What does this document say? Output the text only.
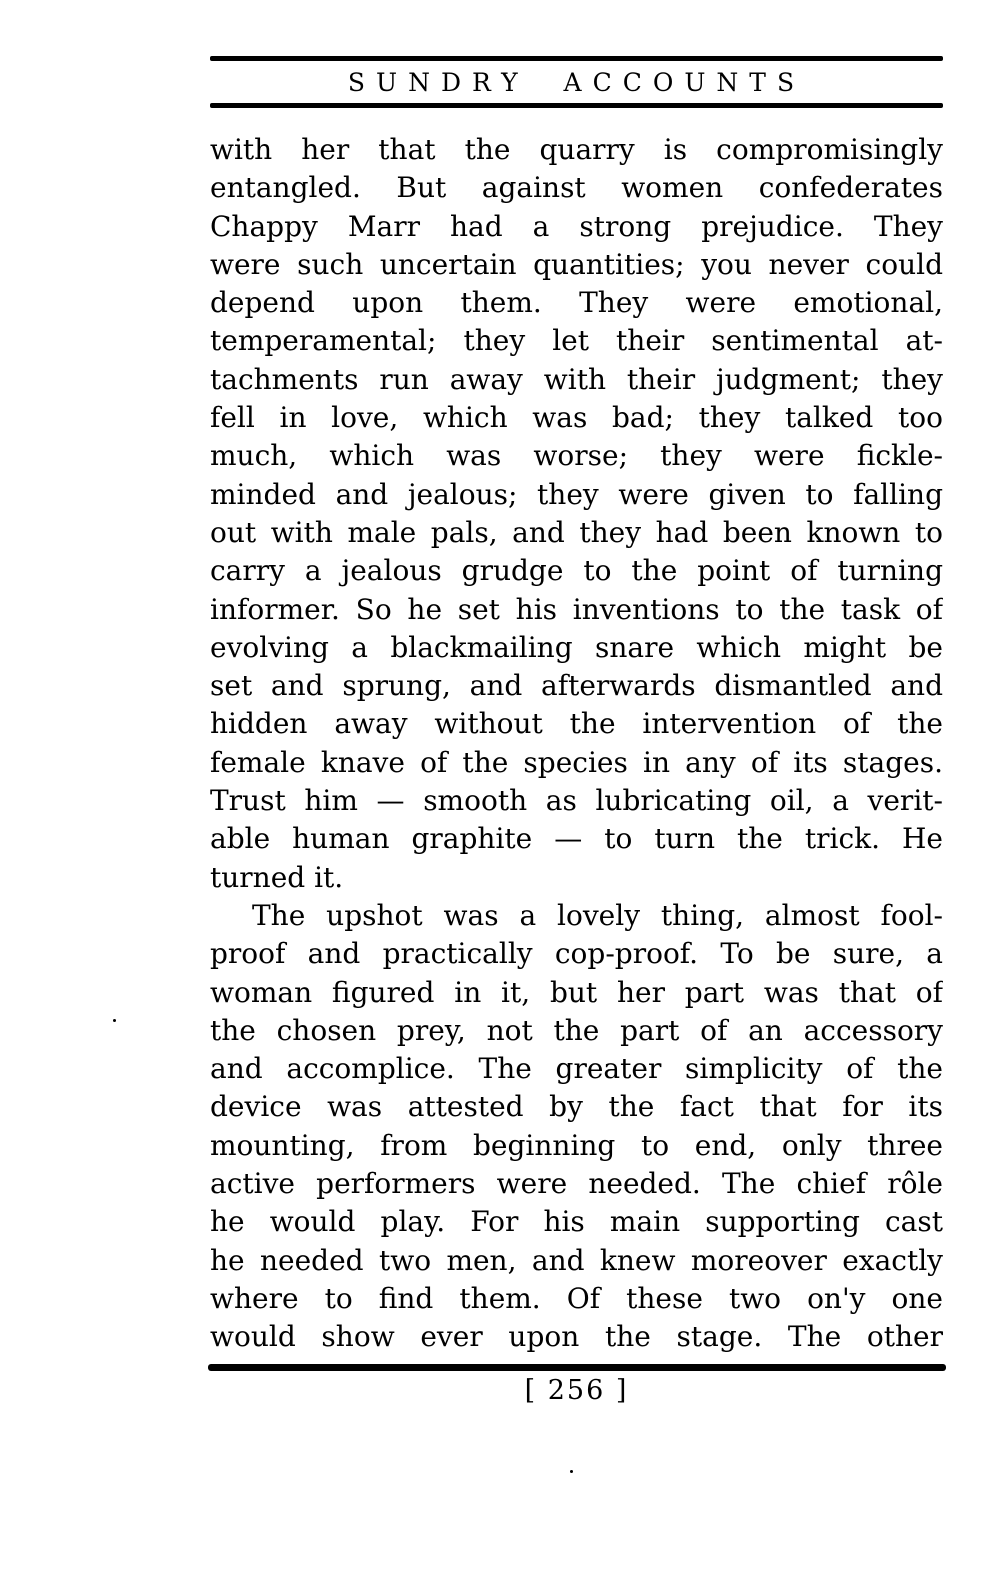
SUNDRY ACCOUNTS
with her that the quarry is compromisingly
entangled. But against women confederates
Chappy Marr had a strong prejudice. They
were such uncertain quantities; you never could
depend upon them. They were emotional,
temperamental; they let their sentimental at-
tachments run away with their judgment; they
fell in love, which was bad; they talked too
much, which was worse; they were fickle-
minded and jealous; they were given to falling
out with male pals, and they had been known to
carry a jealous grudge to the point of turning
informer. So he set his inventions to the task of
evolving a blackmailing snare which might be
set and sprung, and afterwards dismantled and
hidden away without the intervention of the
female knave of the species in any of its stages.
Trust him — smooth as lubricating oil, a verit-
able human graphite — to turn the trick. He
turned it.
The upshot was a lovely thing, almost fool-
proof and practically cop-proof. To be sure, a
woman figured in it, but her part was that of
the chosen prey, not the part of an accessory
and accomplice. The greater simplicity of the
device was attested by the fact that for its
mounting, from beginning to end, only three
active performers were needed. The chief rôle
he would play. For his main supporting cast
he needed two men, and knew moreover exactly
where to find them. Of these two on'y one
would show ever upon the stage. The other
[ 256 ]
